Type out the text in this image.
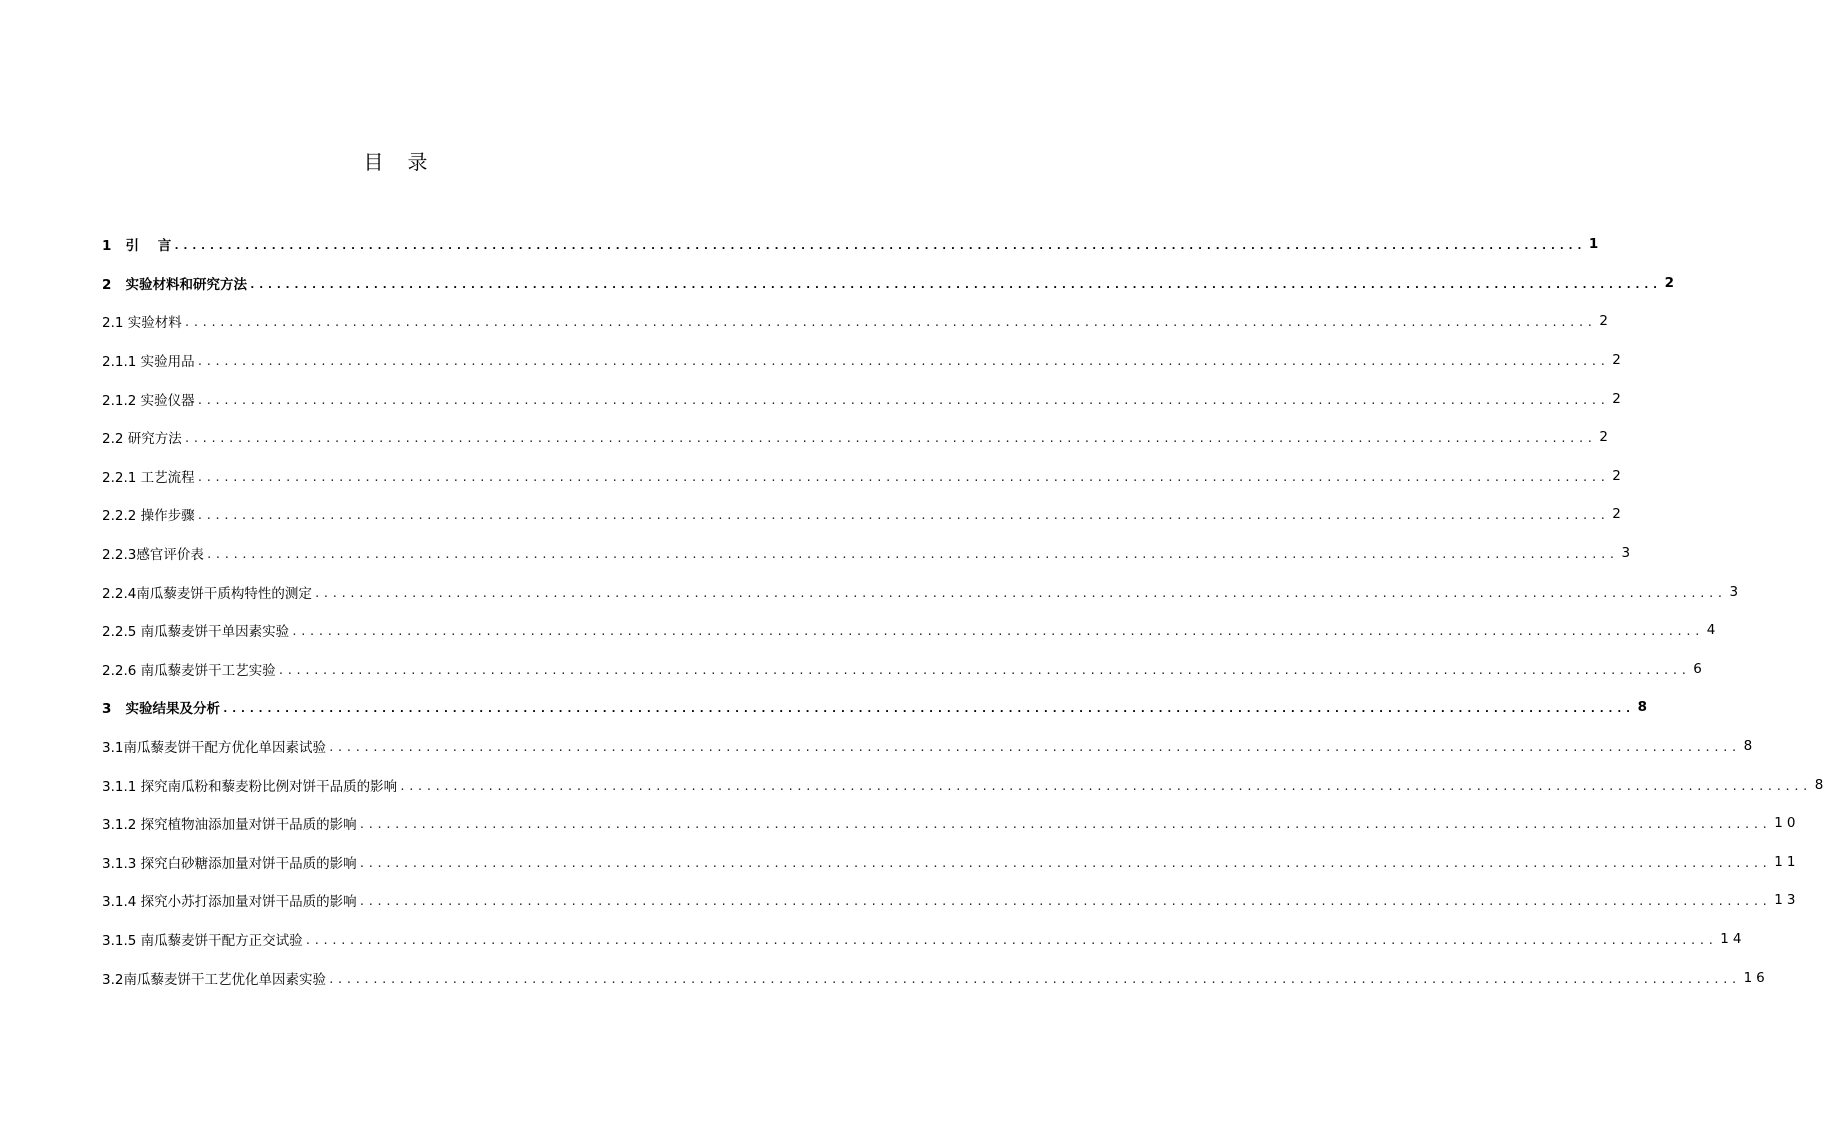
目 录
1   引    言 ................................................................................................................................................................ 1
2   实验材料和研究方法 ................................................................................................................................................................ 2
2.1 实验材料 ................................................................................................................................................................ 2
2.1.1 实验用品 ................................................................................................................................................................ 2
2.1.2 实验仪器 ................................................................................................................................................................ 2
2.2 研究方法 ................................................................................................................................................................ 2
2.2.1 工艺流程 ................................................................................................................................................................ 2
2.2.2 操作步骤 ................................................................................................................................................................ 2
2.2.3感官评价表 ................................................................................................................................................................ 3
2.2.4南瓜藜麦饼干质构特性的测定 ................................................................................................................................................................ 3
2.2.5 南瓜藜麦饼干单因素实验 ................................................................................................................................................................ 4
2.2.6 南瓜藜麦饼干工艺实验 ................................................................................................................................................................ 6
3   实验结果及分析 ................................................................................................................................................................ 8
3.1南瓜藜麦饼干配方优化单因素试验 ................................................................................................................................................................ 8
3.1.1 探究南瓜粉和藜麦粉比例对饼干品质的影响 ................................................................................................................................................................ 8
3.1.2 探究植物油添加量对饼干品质的影响 ................................................................................................................................................................ 10
3.1.3 探究白砂糖添加量对饼干品质的影响 ................................................................................................................................................................ 11
3.1.4 探究小苏打添加量对饼干品质的影响 ................................................................................................................................................................ 13
3.1.5 南瓜藜麦饼干配方正交试验 ................................................................................................................................................................ 14
3.2南瓜藜麦饼干工艺优化单因素实验 ................................................................................................................................................................ 16
